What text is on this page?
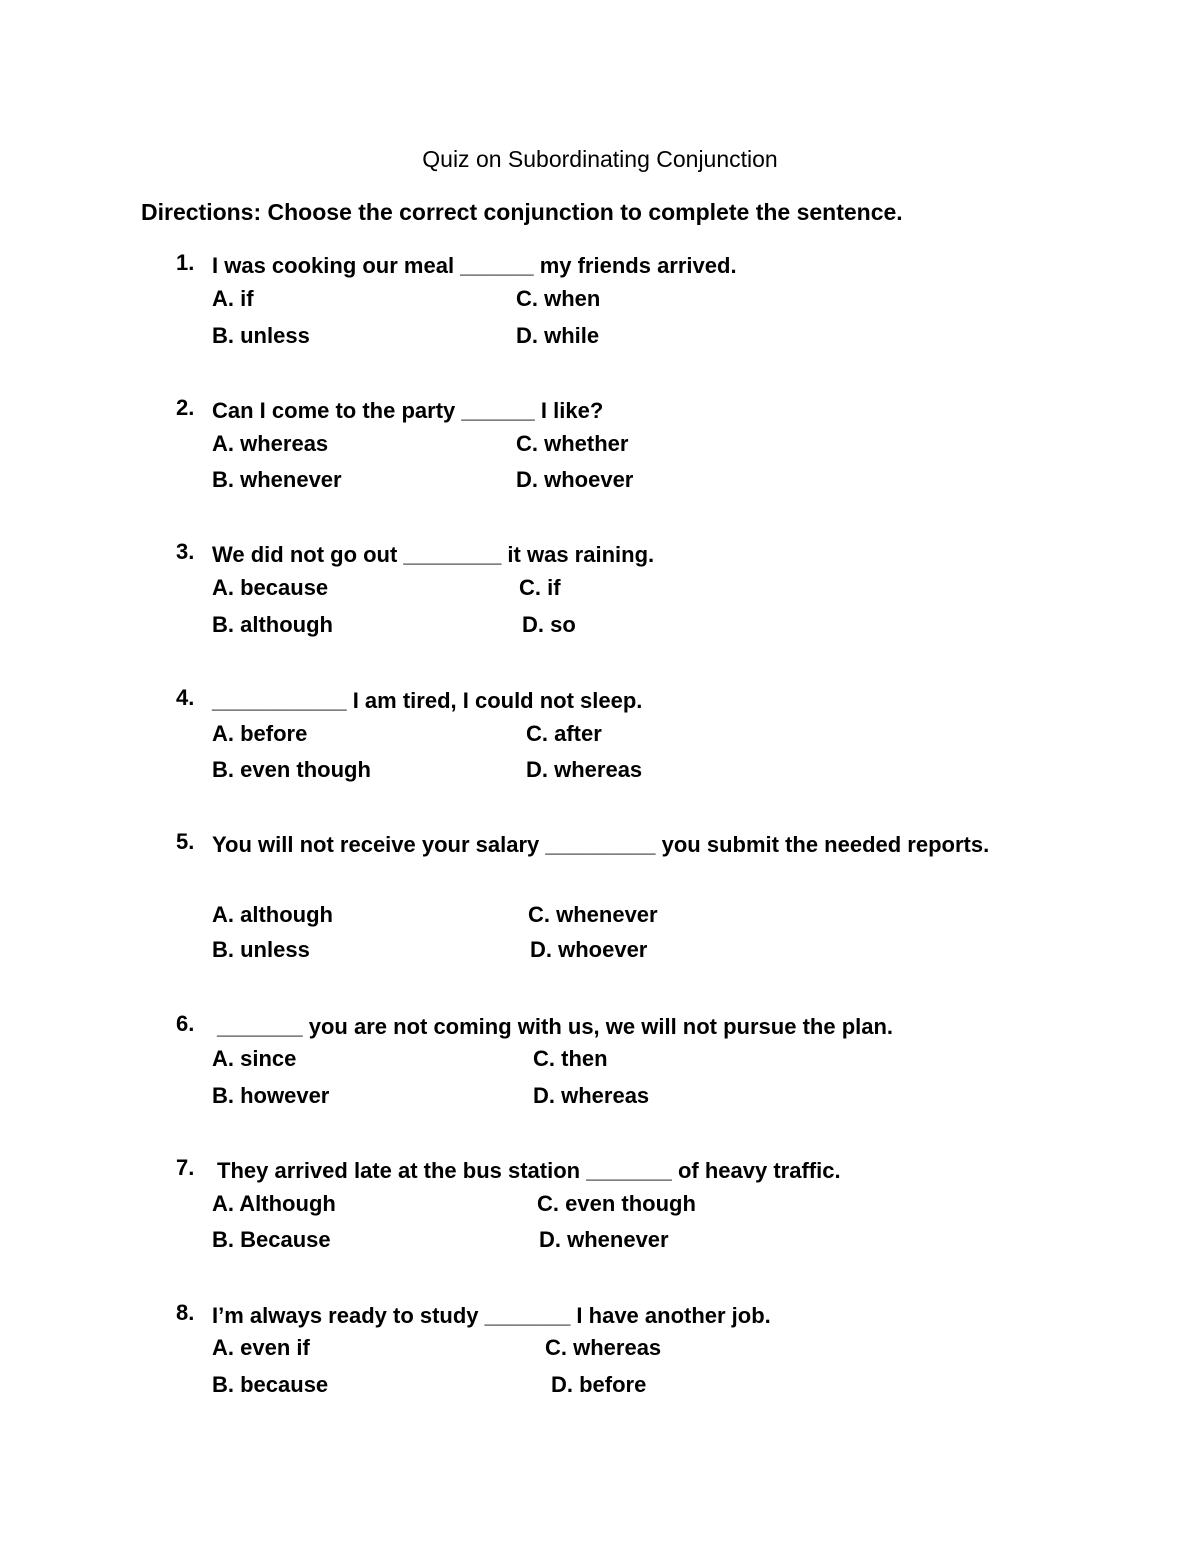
Quiz on Subordinating Conjunction
Directions: Choose the correct conjunction to complete the sentence.
1. I was cooking our meal ______ my friends arrived.
A. if	C. when
B. unless	D. while
2. Can I come to the party ______ I like?
A. whereas	C. whether
B. whenever	D. whoever
3. We did not go out ________ it was raining.
A. because	C. if
B. although	D. so
4. ___________ I am tired, I could not sleep.
A. before	C. after
B. even though	D. whereas
5. You will not receive your salary _________ you submit the needed reports.
A. although	C. whenever
B. unless	D. whoever
6. _______ you are not coming with us, we will not pursue the plan.
A. since	C. then
B. however	D. whereas
7. They arrived late at the bus station _______ of heavy traffic.
A. Although	C. even though
B. Because	D. whenever
8. I’m always ready to study _______ I have another job.
A. even if	C. whereas
B. because	D. before
